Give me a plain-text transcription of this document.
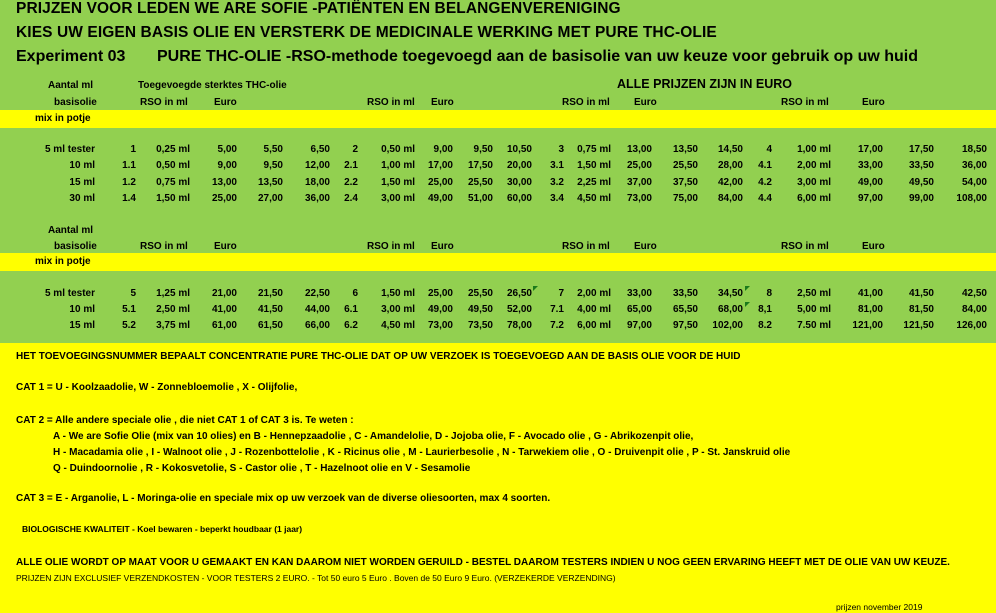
PRIJZEN VOOR LEDEN WE ARE SOFIE -PATIËNTEN EN BELANGENVERENIGING
KIES UW EIGEN BASIS OLIE EN VERSTERK DE MEDICINALE WERKING MET PURE THC-OLIE
Experiment 03 PURE THC-OLIE -RSO-methode toegevoegd aan de basisolie van uw keuze voor gebruik op uw huid
Aantal ml	Toegevoegde sterktes THC-olie	ALLE PRIJZEN ZIJN IN EURO
basisolie	RSO in ml	Euro	RSO in ml Euro	RSO in ml Euro	RSO in ml	Euro
mix in potje
5 ml tester	1	0,25 ml	5,00	5,50	6,50	2	0,50 ml	9,00	9,50	10,50	3	0,75 ml	13,00	13,50	14,50	4	1,00 ml	17,00	17,50	18,50
10 ml	1.1	0,50 ml	9,00	9,50	12,00	2.1	1,00 ml	17,00	17,50	20,00	3.1	1,50 ml	25,00	25,50	28,00	4.1	2,00 ml	33,00	33,50	36,00
15 ml	1.2	0,75 ml	13,00	13,50	18,00	2.2	1,50 ml	25,00	25,50	30,00	3.2	2,25 ml	37,00	37,50	42,00	4.2	3,00 ml	49,00	49,50	54,00
30 ml	1.4	1,50 ml	25,00	27,00	36,00	2.4	3,00 ml	49,00	51,00	60,00	3.4	4,50 ml	73,00	75,00	84,00	4.4	6,00 ml	97,00	99,00	108,00
Aantal ml
basisolie	RSO in ml	Euro	RSO in ml Euro	RSO in ml Euro	RSO in ml	Euro
mix in potje
5 ml tester	5	1,25 ml	21,00	21,50	22,50	6	1,50 ml	25,00	25,50	26,50	7	2,00 ml	33,00	33,50	34,50	8	2,50 ml	41,00	41,50	42,50
10 ml	5.1	2,50 ml	41,00	41,50	44,00	6.1	3,00 ml	49,00	49,50	52,00	7.1	4,00 ml	65,00	65,50	68,00	8,1	5,00 ml	81,00	81,50	84,00
15 ml	5.2	3,75 ml	61,00	61,50	66,00	6.2	4,50 ml	73,00	73,50	78,00	7.2	6,00 ml	97,00	97,50	102,00	8.2	7.50 ml	121,00	121,50	126,00
HET TOEVOEGINGSNUMMER BEPAALT CONCENTRATIE PURE THC-OLIE DAT OP UW VERZOEK IS TOEGEVOEGD AAN DE BASIS OLIE VOOR DE HUID
CAT 1 = U - Koolzaadolie, W - Zonnebloemolie , X - Olijfolie,
CAT 2 = Alle andere speciale olie , die niet CAT 1 of CAT 3 is. Te weten :
A - We are Sofie Olie (mix van 10 olies) en B - Hennepzaadolie , C - Amandelolie, D - Jojoba olie, F - Avocado olie , G - Abrikozenpit olie,
H - Macadamia olie , I - Walnoot olie , J - Rozenbottelolie , K - Ricinus olie , M - Laurierbesolie , N - Tarwekiem olie , O - Druivenpit olie , P - St. Janskruid olie
Q - Duindoornolie , R - Kokosvetolie, S - Castor olie , T - Hazelnoot olie en V - Sesamolie
CAT 3 = E - Arganolie, L - Moringa-olie en speciale mix op uw verzoek van de diverse oliesoorten, max 4 soorten.
BIOLOGISCHE KWALITEIT - Koel bewaren - beperkt houdbaar (1 jaar)
ALLE OLIE WORDT OP MAAT VOOR U GEMAAKT EN KAN DAAROM NIET WORDEN GERUILD - BESTEL DAAROM TESTERS INDIEN U NOG GEEN ERVARING HEEFT MET DE OLIE VAN UW KEUZE.
PRIJZEN ZIJN EXCLUSIEF VERZENDKOSTEN - VOOR TESTERS 2 EURO. - Tot 50 euro 5 Euro . Boven de 50 Euro 9 Euro. (VERZEKERDE VERZENDING)
prijzen november 2019
